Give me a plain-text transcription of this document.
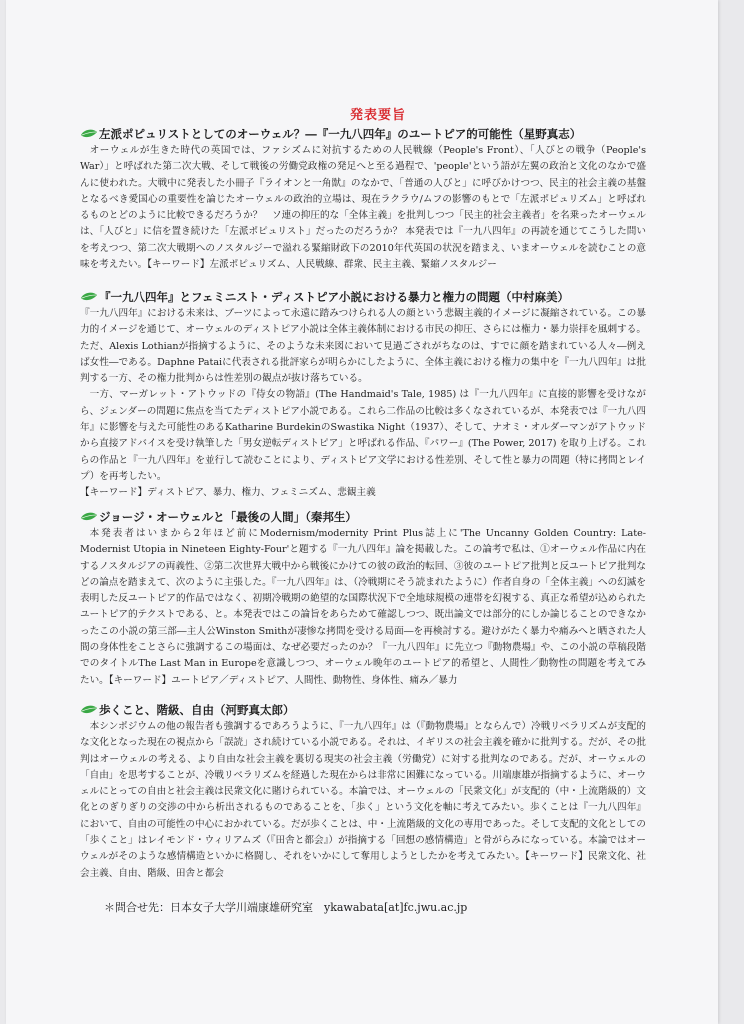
発表要旨
左派ポピュリストとしてのオーウェル？―『一九八四年』のユートピア的可能性（星野真志）

オーウェルが生きた時代の英国では、ファシズムに対抗するための人民戦線（People's Front）、「人びとの戦争（People's War）」と呼ばれた第二次大戦、そして戦後の労働党政権の発足へと至る過程で、'people'という語が左翼の政治と文化のなかで盛んに使われた。大戦中に発表した小冊子『ライオンと一角獣』のなかで、「普通の人びと」に呼びかけつつ、民主的社会主義の基盤となるべき愛国心の重要性を論じたオーウェルの政治的立場は、現在ラクラウ/ムフの影響のもとで「左派ポピュリズム」と呼ばれるものとどのように比較できるだろうか？　ソ連の抑圧的な「全体主義」を批判しつつ「民主的社会主義者」を名乗ったオーウェルは、「人びと」に信を置き続けた「左派ポピュリスト」だったのだろうか？ 本発表では『一九八四年』の再読を通じてこうした問いを考えつつ、第二次大戦期へのノスタルジーで溢れる緊縮財政下の2010年代英国の状況を踏まえ、いまオーウェルを読むことの意味を考えたい。【キーワード】左派ポピュリズム、人民戦線、群衆、民主主義、緊縮ノスタルジー

『一九八四年』とフェミニスト・ディストピア小説における暴力と権力の問題（中村麻美）

『一九八四年』における未来は、ブーツによって永遠に踏みつけられる人の顔という悲観主義的イメージに凝縮されている。この暴力的イメージを通じて、オーウェルのディストピア小説は全体主義体制における市民の抑圧、さらには権力・暴力崇拝を風刺する。ただ、Alexis Lothianが指摘するように、そのような未来図において見過ごされがちなのは、すでに顔を踏まれている人々―例えば女性―である。Daphne Pataiに代表される批評家らが明らかにしたように、全体主義における権力の集中を『一九八四年』は批判する一方、その権力批判からは性差別の観点が抜け落ちている。

一方、マーガレット・アトウッドの『侍女の物語』(The Handmaid's Tale, 1985) は『一九八四年』に直接的影響を受けながら、ジェンダーの問題に焦点を当てたディストピア小説である。これら二作品の比較は多くなされているが、本発表では『一九八四年』に影響を与えた可能性のあるKatharine BurdekinのSwastika Night（1937）、そして、ナオミ・オルダーマンがアトウッドから直接アドバイスを受け執筆した「男女逆転ディストピア」と呼ばれる作品、『パワー』(The Power, 2017) を取り上げる。これらの作品と『一九八四年』を並行して読むことにより、ディストピア文学における性差別、そして性と暴力の問題（特に拷問とレイプ）を再考したい。

【キーワード】ディストピア、暴力、権力、フェミニズム、悲観主義

ジョージ・オーウェルと「最後の人間」（秦邦生）

本発表者はいまから2年ほど前にModernism/modernity Print Plus誌上に'The Uncanny Golden Country: Late-Modernist Utopia in Nineteen Eighty-Four'と題する『一九八四年』論を掲載した。この論考で私は、①オーウェル作品に内在するノスタルジアの両義性、②第二次世界大戦中から戦後にかけての彼の政治的転回、③彼のユートピア批判と反ユートピア批判などの論点を踏まえて、次のように主張した。『一九八四年』は、（冷戦期にそう読まれたように）作者自身の「全体主義」への幻滅を表明した反ユートピア的作品ではなく、初期冷戦期の絶望的な国際状況下で全地球規模の連帯を幻視する、真正な希望が込められたユートピア的テクストである、と。本発表ではこの論旨をあらためて確認しつつ、既出論文では部分的にしか論じることのできなかったこの小説の第三部―主人公Winston Smithが凄惨な拷問を受ける局面―を再検討する。避けがたく暴力や痛みへと晒された人間の身体性をことさらに強調するこの場面は、なぜ必要だったのか？『一九八四年』に先立つ『動物農場』や、この小説の草稿段階でのタイトルThe Last Man in Europeを意識しつつ、オーウェル晩年のユートピア的希望と、人間性／動物性の問題を考えてみたい。【キーワード】ユートピア／ディストピア、人間性、動物性、身体性、痛み／暴力

歩くこと、階級、自由（河野真太郎）

本シンポジウムの他の報告者も強調するであろうように、『一九八四年』は（『動物農場』とならんで）冷戦リベラリズムが支配的な文化となった現在の視点から「誤読」され続けている小説である。それは、イギリスの社会主義を確かに批判する。だが、その批判はオーウェルの考える、より自由な社会主義を裏切る現実の社会主義（労働党）に対する批判なのである。だが、オーウェルの「自由」を思考することが、冷戦リベラリズムを経過した現在からは非常に困難になっている。川端康雄が指摘するように、オーウェルにとっての自由と社会主義は民衆文化に賭けられている。本論では、オーウェルの「民衆文化」が支配的（中・上流階級的）文化とのぎりぎりの交渉の中から析出されるものであることを、「歩く」という文化を軸に考えてみたい。歩くことは『一九八四年』において、自由の可能性の中心におかれている。だが歩くことは、中・上流階級的文化の専用であった。そして支配的文化としての「歩くこと」はレイモンド・ウィリアムズ（『田舎と都会』）が指摘する「回想の感情構造」と骨がらみになっている。本論ではオーウェルがそのような感情構造といかに格闘し、それをいかにして奪用しようとしたかを考えてみたい。【キーワード】民衆文化、社会主義、自由、階級、田舎と都会

＊問合せ先：日本女子大学川端康雄研究室　ykawabata[at]fc.jwu.ac.jp
